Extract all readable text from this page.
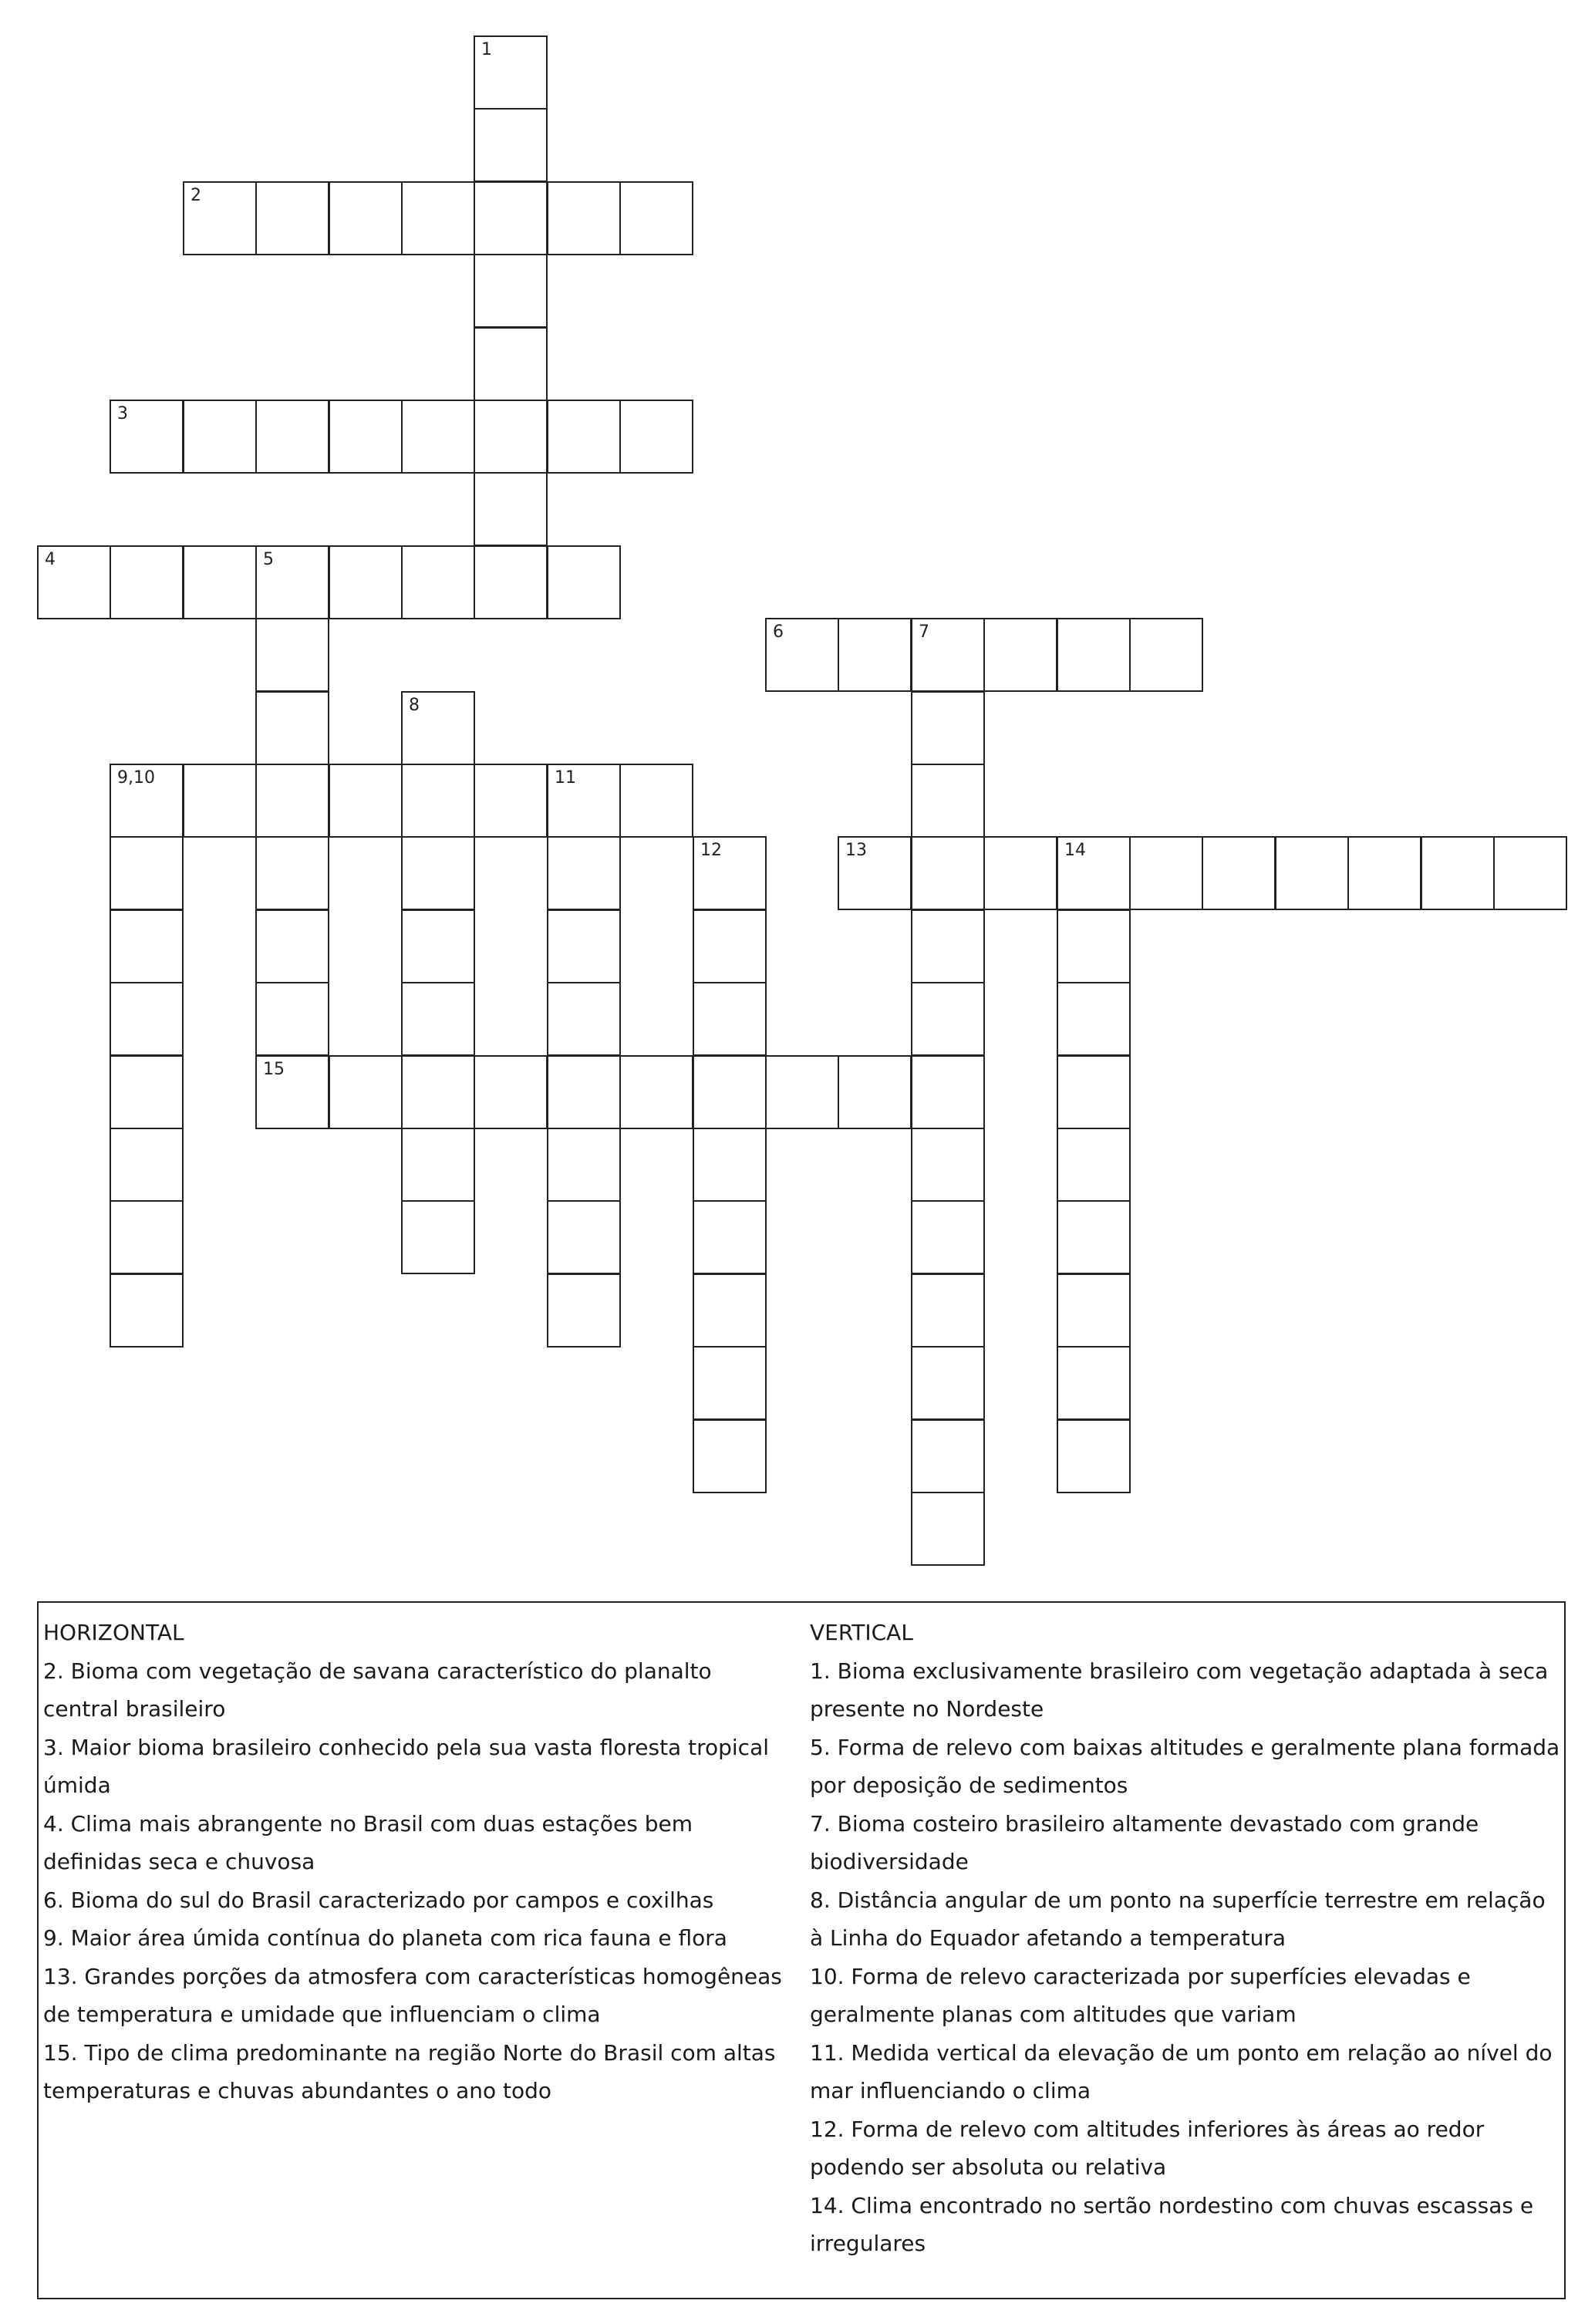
1
2
3
4	5
6	7
8
9,10	11
12	13	14
15

HORIZONTAL

2. Bioma com vegetação de savana característico do planalto central brasileiro

3. Maior bioma brasileiro conhecido pela sua vasta floresta tropical úmida

4. Clima mais abrangente no Brasil com duas estações bem definidas seca e chuvosa

6. Bioma do sul do Brasil caracterizado por campos e coxilhas

9. Maior área úmida contínua do planeta com rica fauna e flora

13. Grandes porções da atmosfera com características homogêneas de temperatura e umidade que influenciam o clima

15. Tipo de clima predominante na região Norte do Brasil com altas temperaturas e chuvas abundantes o ano todo

VERTICAL

1. Bioma exclusivamente brasileiro com vegetação adaptada à seca presente no Nordeste

5. Forma de relevo com baixas altitudes e geralmente plana formada por deposição de sedimentos

7. Bioma costeiro brasileiro altamente devastado com grande biodiversidade

8. Distância angular de um ponto na superfície terrestre em relação à Linha do Equador afetando a temperatura

10. Forma de relevo caracterizada por superfícies elevadas e geralmente planas com altitudes que variam

11. Medida vertical da elevação de um ponto em relação ao nível do mar influenciando o clima

12. Forma de relevo com altitudes inferiores às áreas ao redor podendo ser absoluta ou relativa

14. Clima encontrado no sertão nordestino com chuvas escassas e irregulares
